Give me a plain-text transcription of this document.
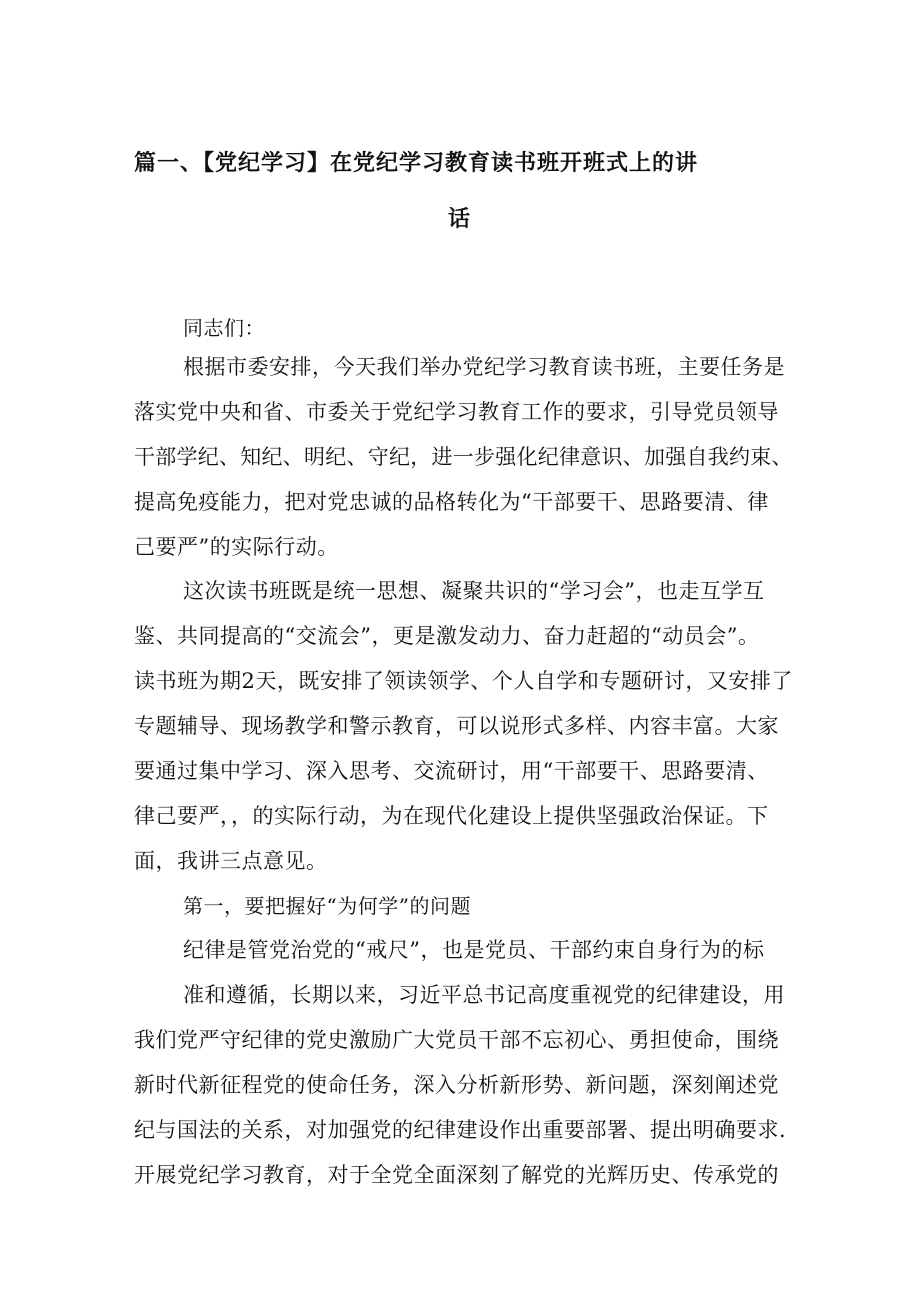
篇一、【党纪学习】在党纪学习教育读书班开班式上的讲
话
同志们：
根据市委安排，今天我们举办党纪学习教育读书班，主要任务是
落实党中央和省、市委关于党纪学习教育工作的要求，引导党员领导
干部学纪、知纪、明纪、守纪，进一步强化纪律意识、加强自我约束、
提高免疫能力，把对党忠诚的品格转化为“干部要干、思路要清、律
己要严”的实际行动。
这次读书班既是统一思想、凝聚共识的“学习会”，也走互学互
鉴、共同提高的“交流会”，更是激发动力、奋力赶超的“动员会”。
读书班为期2天，既安排了领读领学、个人自学和专题研讨，又安排了
专题辅导、现场教学和警示教育，可以说形式多样、内容丰富。大家
要通过集中学习、深入思考、交流研讨，用“干部要干、思路要清、
律己要严，，的实际行动，为在现代化建设上提供坚强政治保证。下
面，我讲三点意见。
第一，要把握好“为何学”的问题
纪律是管党治党的“戒尺”，也是党员、干部约束自身行为的标
准和遵循，长期以来，习近平总书记高度重视党的纪律建设，用
我们党严守纪律的党史激励广大党员干部不忘初心、勇担使命，围绕
新时代新征程党的使命任务，深入分析新形势、新问题，深刻阐述党
纪与国法的关系，对加强党的纪律建设作出重要部署、提出明确要求.
开展党纪学习教育，对于全党全面深刻了解党的光辉历史、传承党的
